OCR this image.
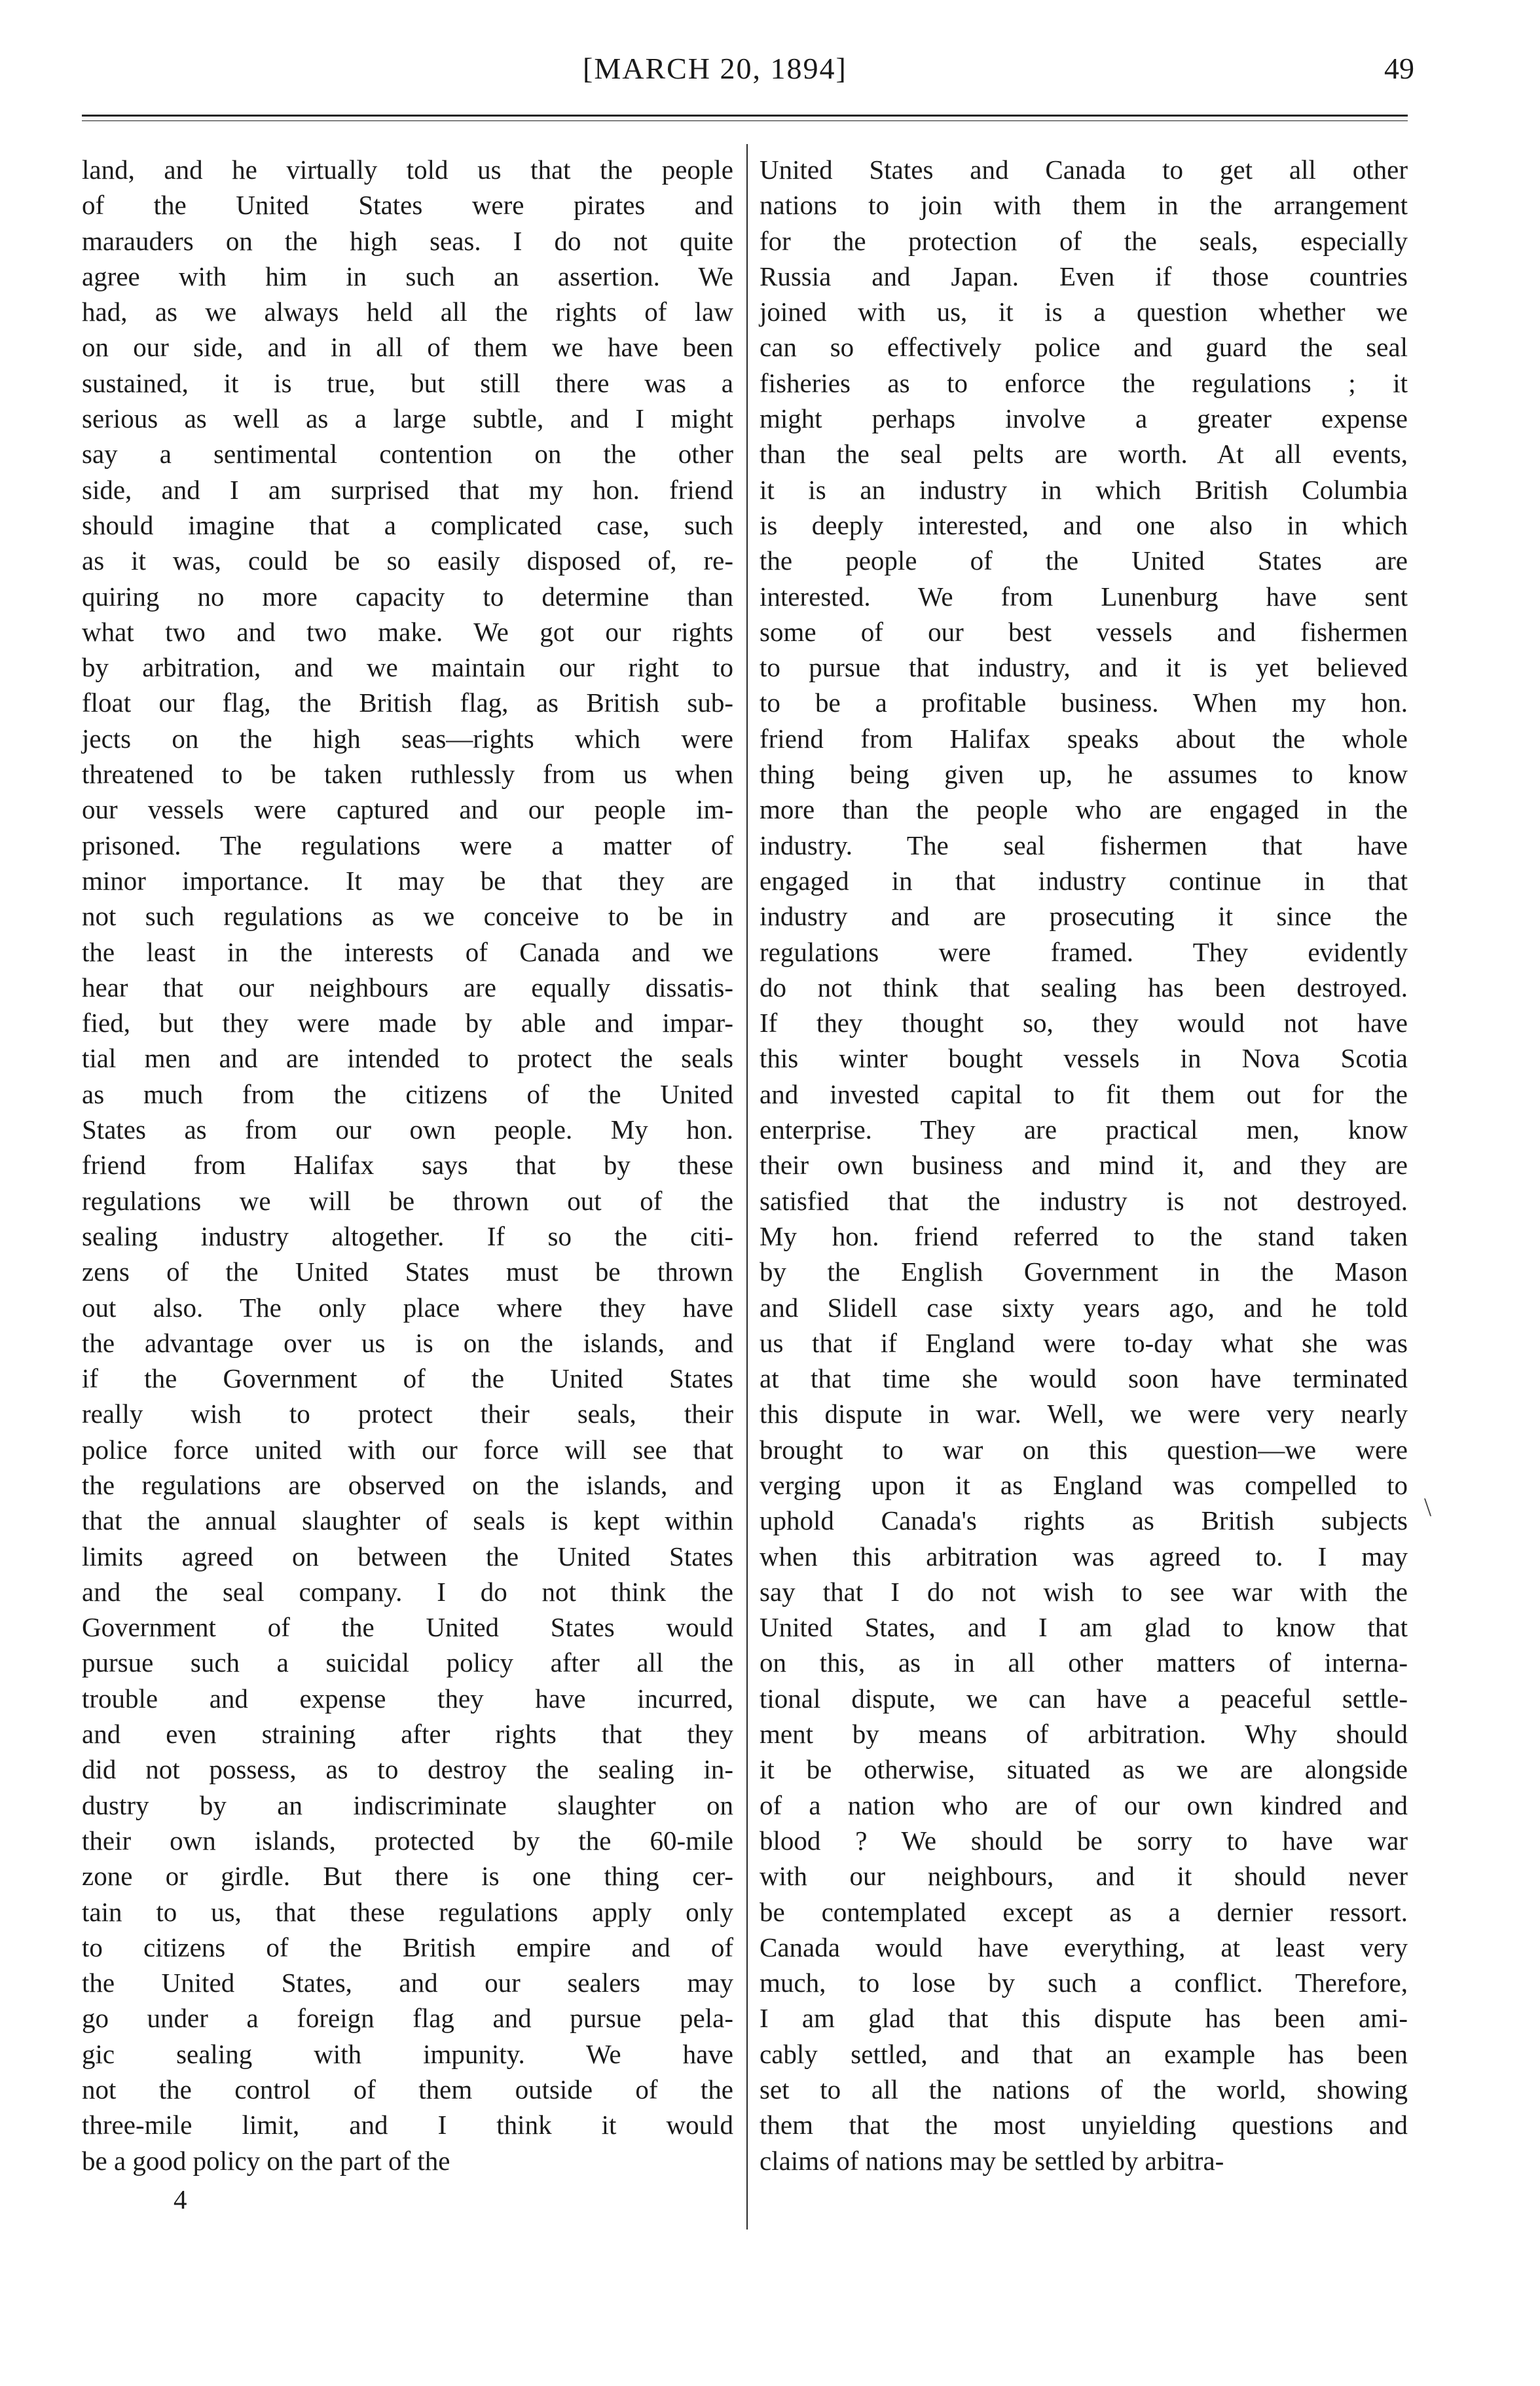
[MARCH 20, 1894]	49
land, and he virtually told us that the people
of the United States were pirates and
marauders on the high seas. I do not quite
agree with him in such an assertion. We
had, as we always held all the rights of law
on our side, and in all of them we have been
sustained, it is true, but still there was a
serious as well as a large subtle, and I might
say a sentimental contention on the other
side, and I am surprised that my hon. friend
should imagine that a complicated case, such
as it was, could be so easily disposed of, re-
quiring no more capacity to determine than
what two and two make. We got our rights
by arbitration, and we maintain our right to
float our flag, the British flag, as British sub-
jects on the high seas—rights which were
threatened to be taken ruthlessly from us when
our vessels were captured and our people im-
prisoned. The regulations were a matter of
minor importance. It may be that they are
not such regulations as we conceive to be in
the least in the interests of Canada and we
hear that our neighbours are equally dissatis-
fied, but they were made by able and impar-
tial men and are intended to protect the seals
as much from the citizens of the United
States as from our own people. My hon.
friend from Halifax says that by these
regulations we will be thrown out of the
sealing industry altogether. If so the citi-
zens of the United States must be thrown
out also. The only place where they have
the advantage over us is on the islands, and
if the Government of the United States
really wish to protect their seals, their
police force united with our force will see that
the regulations are observed on the islands, and
that the annual slaughter of seals is kept within
limits agreed on between the United States
and the seal company. I do not think the
Government of the United States would
pursue such a suicidal policy after all the
trouble and expense they have incurred,
and even straining after rights that they
did not possess, as to destroy the sealing in-
dustry by an indiscriminate slaughter on
their own islands, protected by the 60-mile
zone or girdle. But there is one thing cer-
tain to us, that these regulations apply only
to citizens of the British empire and of
the United States, and our sealers may
go under a foreign flag and pursue pela-
gic sealing with impunity. We have
not the control of them outside of the
three-mile limit, and I think it would
be a good policy on the part of the
United States and Canada to get all other
nations to join with them in the arrangement
for the protection of the seals, especially
Russia and Japan. Even if those countries
joined with us, it is a question whether we
can so effectively police and guard the seal
fisheries as to enforce the regulations ; it
might perhaps involve a greater expense
than the seal pelts are worth. At all events,
it is an industry in which British Columbia
is deeply interested, and one also in which
the people of the United States are
interested. We from Lunenburg have sent
some of our best vessels and fishermen
to pursue that industry, and it is yet believed
to be a profitable business. When my hon.
friend from Halifax speaks about the whole
thing being given up, he assumes to know
more than the people who are engaged in the
industry. The seal fishermen that have
engaged in that industry continue in that
industry and are prosecuting it since the
regulations were framed. They evidently
do not think that sealing has been destroyed.
If they thought so, they would not have
this winter bought vessels in Nova Scotia
and invested capital to fit them out for the
enterprise. They are practical men, know
their own business and mind it, and they are
satisfied that the industry is not destroyed.
My hon. friend referred to the stand taken
by the English Government in the Mason
and Slidell case sixty years ago, and he told
us that if England were to-day what she was
at that time she would soon have terminated
this dispute in war. Well, we were very nearly
brought to war on this question—we were
verging upon it as England was compelled to
uphold Canada's rights as British subjects
when this arbitration was agreed to. I may
say that I do not wish to see war with the
United States, and I am glad to know that
on this, as in all other matters of interna-
tional dispute, we can have a peaceful settle-
ment by means of arbitration. Why should
it be otherwise, situated as we are alongside
of a nation who are of our own kindred and
blood ? We should be sorry to have war
with our neighbours, and it should never
be contemplated except as a dernier ressort.
Canada would have everything, at least very
much, to lose by such a conflict. Therefore,
I am glad that this dispute has been ami-
cably settled, and that an example has been
set to all the nations of the world, showing
them that the most unyielding questions and
claims of nations may be settled by arbitra-
4
\
